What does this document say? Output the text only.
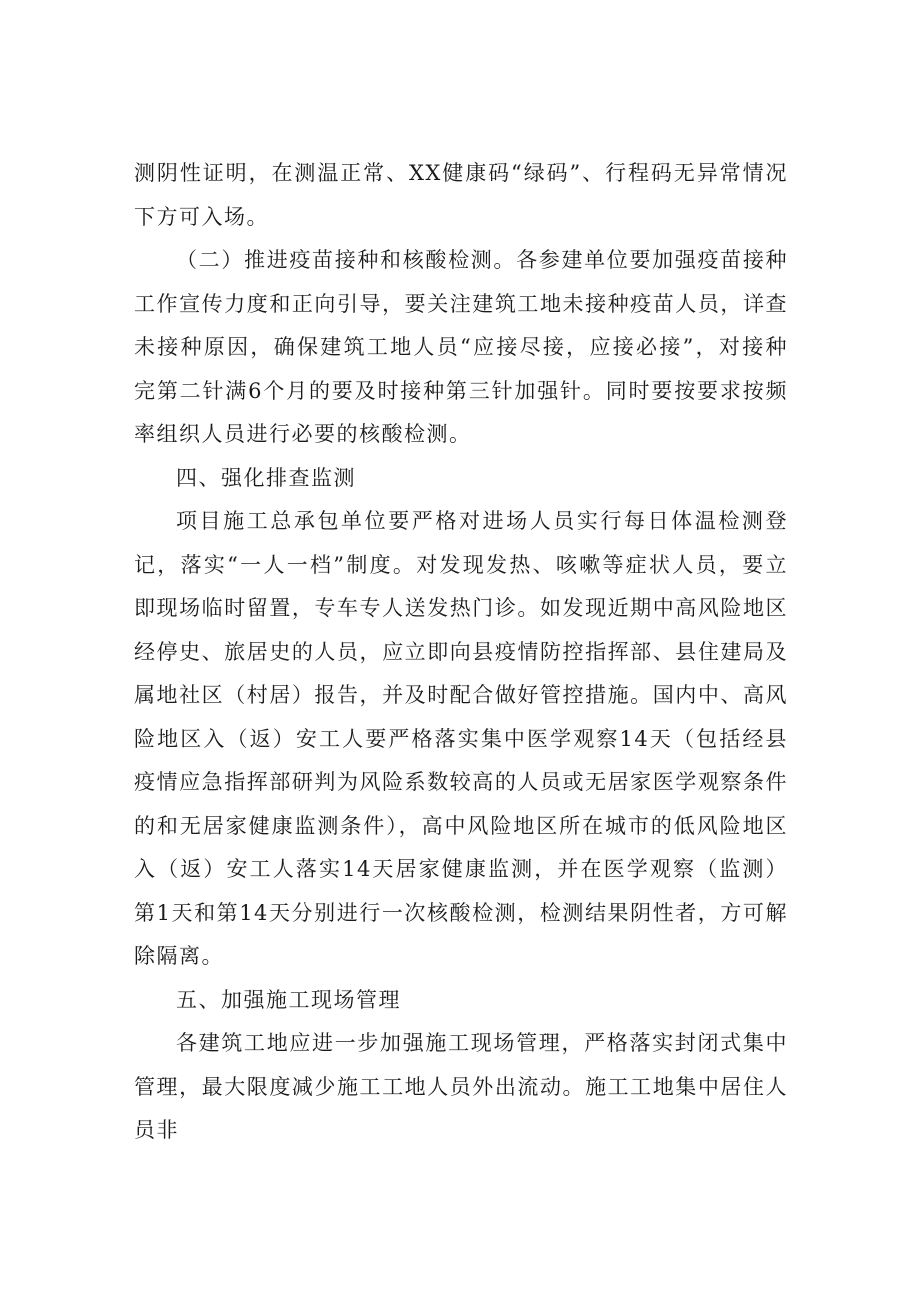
测阴性证明，在测温正常、XX健康码“绿码”、行程码无异常情况下方可入场。

（二）推进疫苗接种和核酸检测。各参建单位要加强疫苗接种工作宣传力度和正向引导，要关注建筑工地未接种疫苗人员，详查未接种原因，确保建筑工地人员“应接尽接，应接必接”，对接种完第二针满6个月的要及时接种第三针加强针。同时要按要求按频率组织人员进行必要的核酸检测。

四、强化排查监测

项目施工总承包单位要严格对进场人员实行每日体温检测登记，落实“一人一档”制度。对发现发热、咳嗽等症状人员，要立即现场临时留置，专车专人送发热门诊。如发现近期中高风险地区经停史、旅居史的人员，应立即向县疫情防控指挥部、县住建局及属地社区（村居）报告，并及时配合做好管控措施。国内中、高风险地区入（返）安工人要严格落实集中医学观察14天（包括经县疫情应急指挥部研判为风险系数较高的人员或无居家医学观察条件的和无居家健康监测条件），高中风险地区所在城市的低风险地区入（返）安工人落实14天居家健康监测，并在医学观察（监测）第1天和第14天分别进行一次核酸检测，检测结果阴性者，方可解除隔离。

五、加强施工现场管理

各建筑工地应进一步加强施工现场管理，严格落实封闭式集中管理，最大限度减少施工工地人员外出流动。施工工地集中居住人员非
